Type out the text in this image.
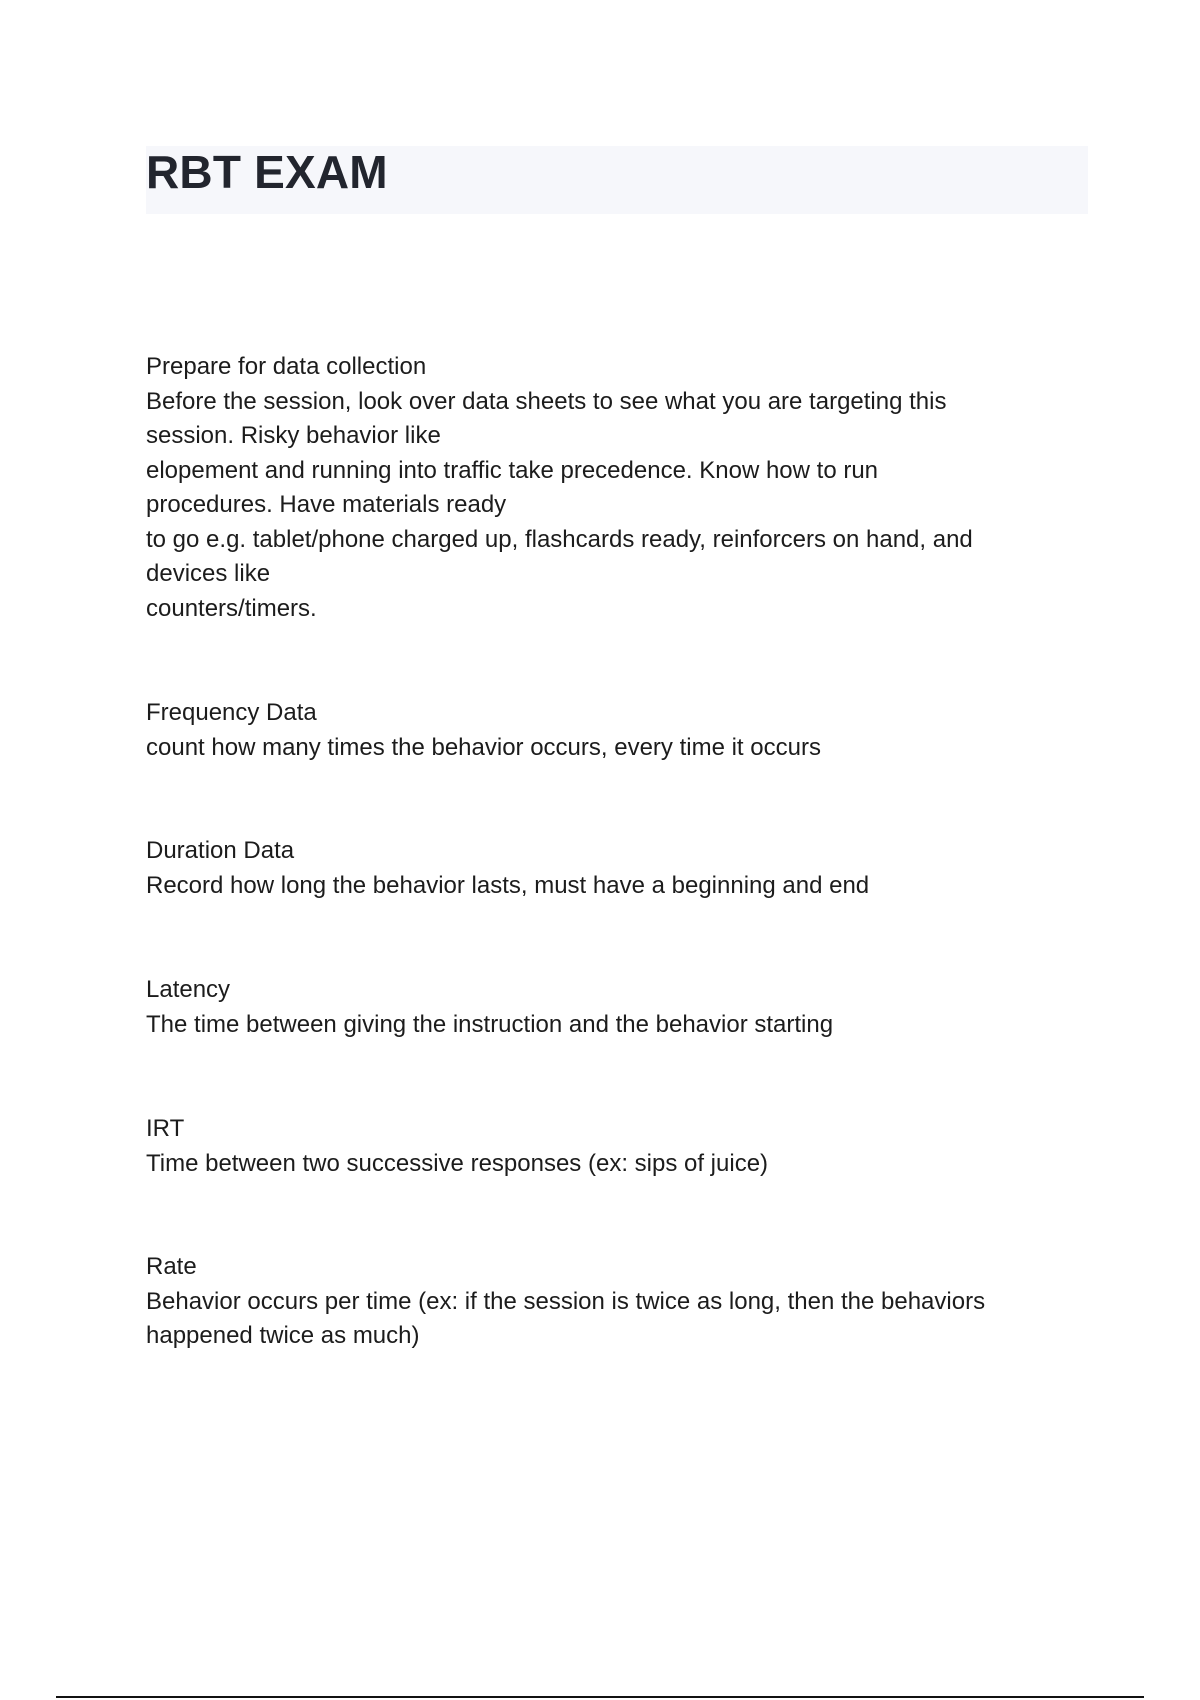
RBT EXAM
Prepare for data collection
Before the session, look over data sheets to see what you are targeting this
session. Risky behavior like
elopement and running into traffic take precedence. Know how to run
procedures. Have materials ready
to go e.g. tablet/phone charged up, flashcards ready, reinforcers on hand, and
devices like
counters/timers.
Frequency Data
count how many times the behavior occurs, every time it occurs
Duration Data
Record how long the behavior lasts, must have a beginning and end
Latency
The time between giving the instruction and the behavior starting
IRT
Time between two successive responses (ex: sips of juice)
Rate
Behavior occurs per time (ex: if the session is twice as long, then the behaviors happened twice as much)
